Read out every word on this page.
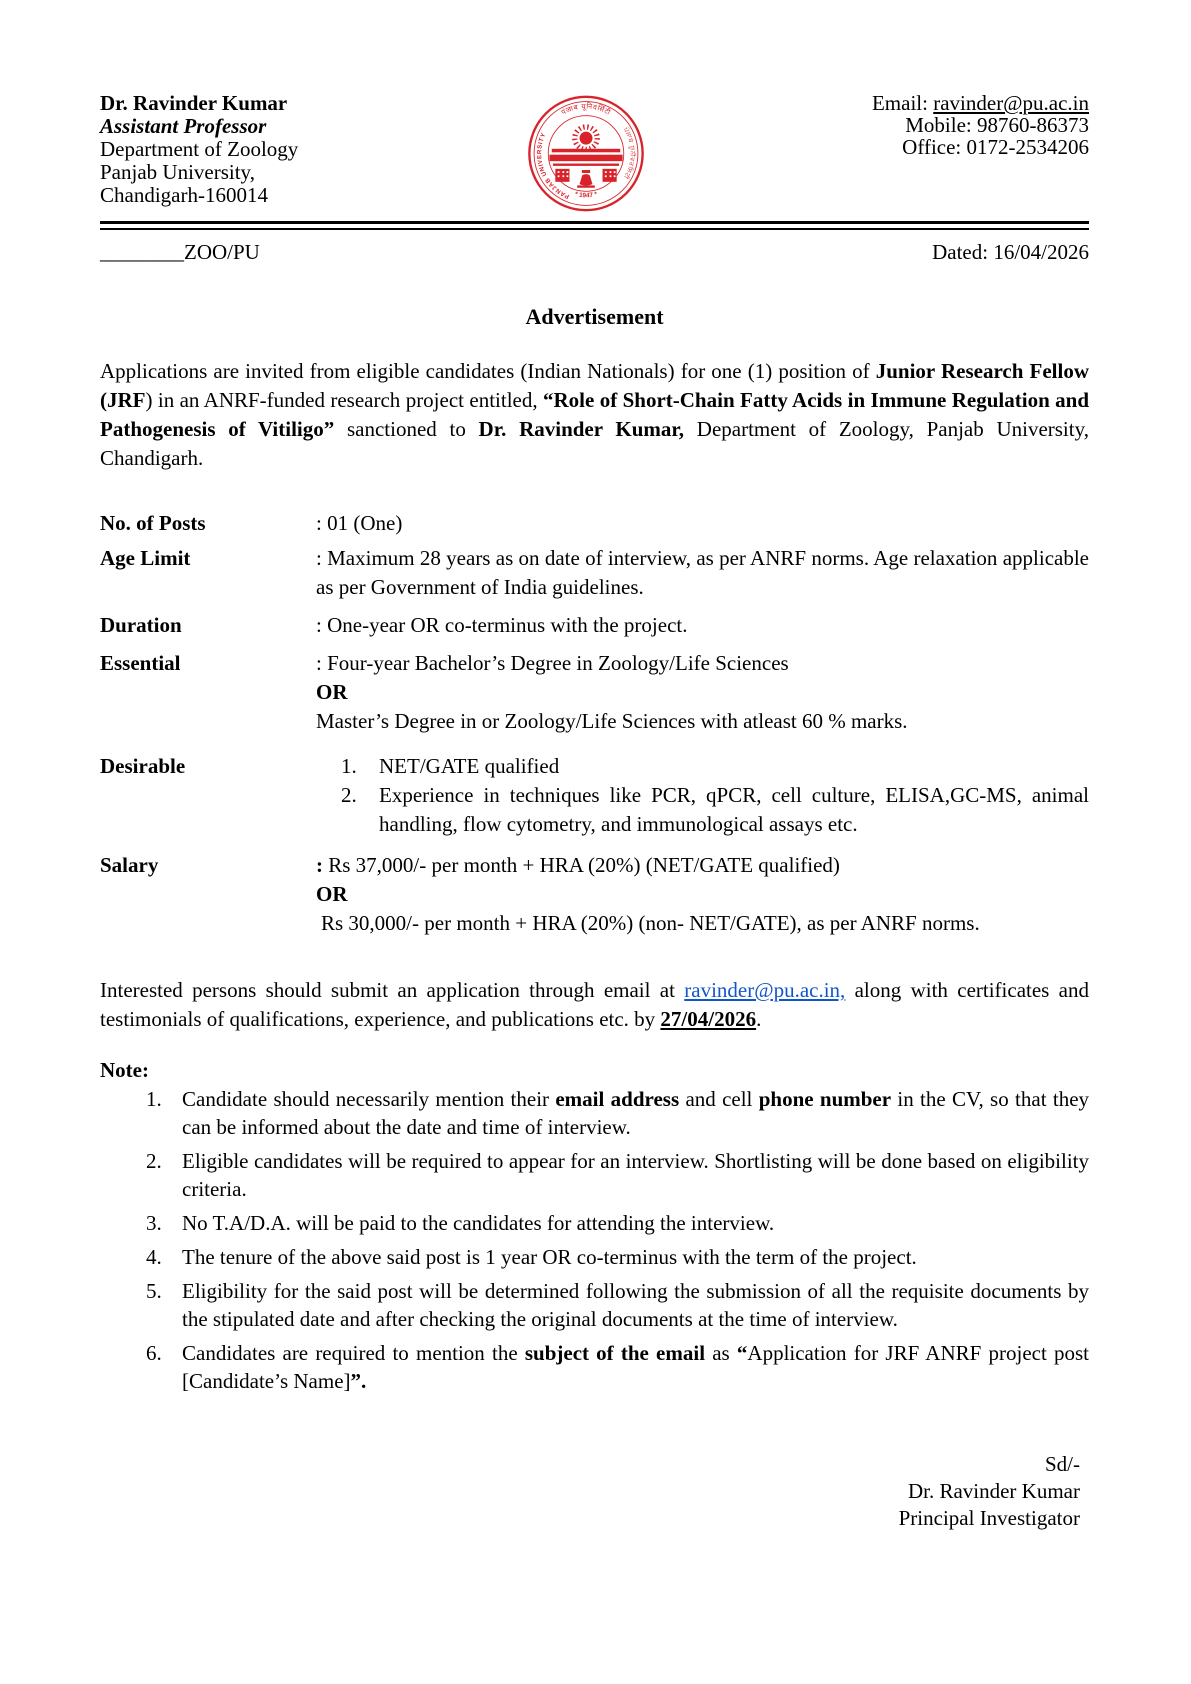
PANJAB UNIVERSITY
पंजाब यूनिवर्सिटी
ਪੰਜਾਬ ਯੂਨੀਵਰਸਿਟੀ
* 1947 *
Dr. Ravinder Kumar
Assistant Professor
Department of Zoology
Panjab University,
Chandigarh-160014
Email: ravinder@pu.ac.in
Mobile: 98760-86373
Office: 0172-2534206
________ZOO/PU	Dated: 16/04/2026
Advertisement

Applications are invited from eligible candidates (Indian Nationals) for one (1) position of Junior Research Fellow (JRF) in an ANRF-funded research project entitled, “Role of Short-Chain Fatty Acids in Immune Regulation and Pathogenesis of Vitiligo” sanctioned to Dr. Ravinder Kumar, Department of Zoology, Panjab University, Chandigarh.

No. of Posts	: 01 (One)
Age Limit	: Maximum 28 years as on date of interview, as per ANRF norms. Age relaxation applicable as per Government of India guidelines.
Duration	: One-year OR co-terminus with the project.
Essential	: Four-year Bachelor’s Degree in Zoology/Life Sciences
OR
Master’s Degree in or Zoology/Life Sciences with atleast 60 % marks.
Desirable	1.	NET/GATE qualified
2.	Experience in techniques like PCR, qPCR, cell culture, ELISA,GC-MS, animal handling, flow cytometry, and immunological assays etc.
Salary	: Rs 37,000/- per month + HRA (20%) (NET/GATE qualified)
OR
Rs 30,000/- per month + HRA (20%) (non- NET/GATE), as per ANRF norms.

Interested persons should submit an application through email at ravinder@pu.ac.in, along with certificates and testimonials of qualifications, experience, and publications etc. by 27/04/2026.

Note:
1. Candidate should necessarily mention their email address and cell phone number in the CV, so that they can be informed about the date and time of interview.
2. Eligible candidates will be required to appear for an interview. Shortlisting will be done based on eligibility criteria.
3. No T.A/D.A. will be paid to the candidates for attending the interview.
4. The tenure of the above said post is 1 year OR co-terminus with the term of the project.
5. Eligibility for the said post will be determined following the submission of all the requisite documents by the stipulated date and after checking the original documents at the time of interview.
6. Candidates are required to mention the subject of the email as “Application for JRF ANRF project post [Candidate’s Name]”.
Sd/-
Dr. Ravinder Kumar
Principal Investigator
